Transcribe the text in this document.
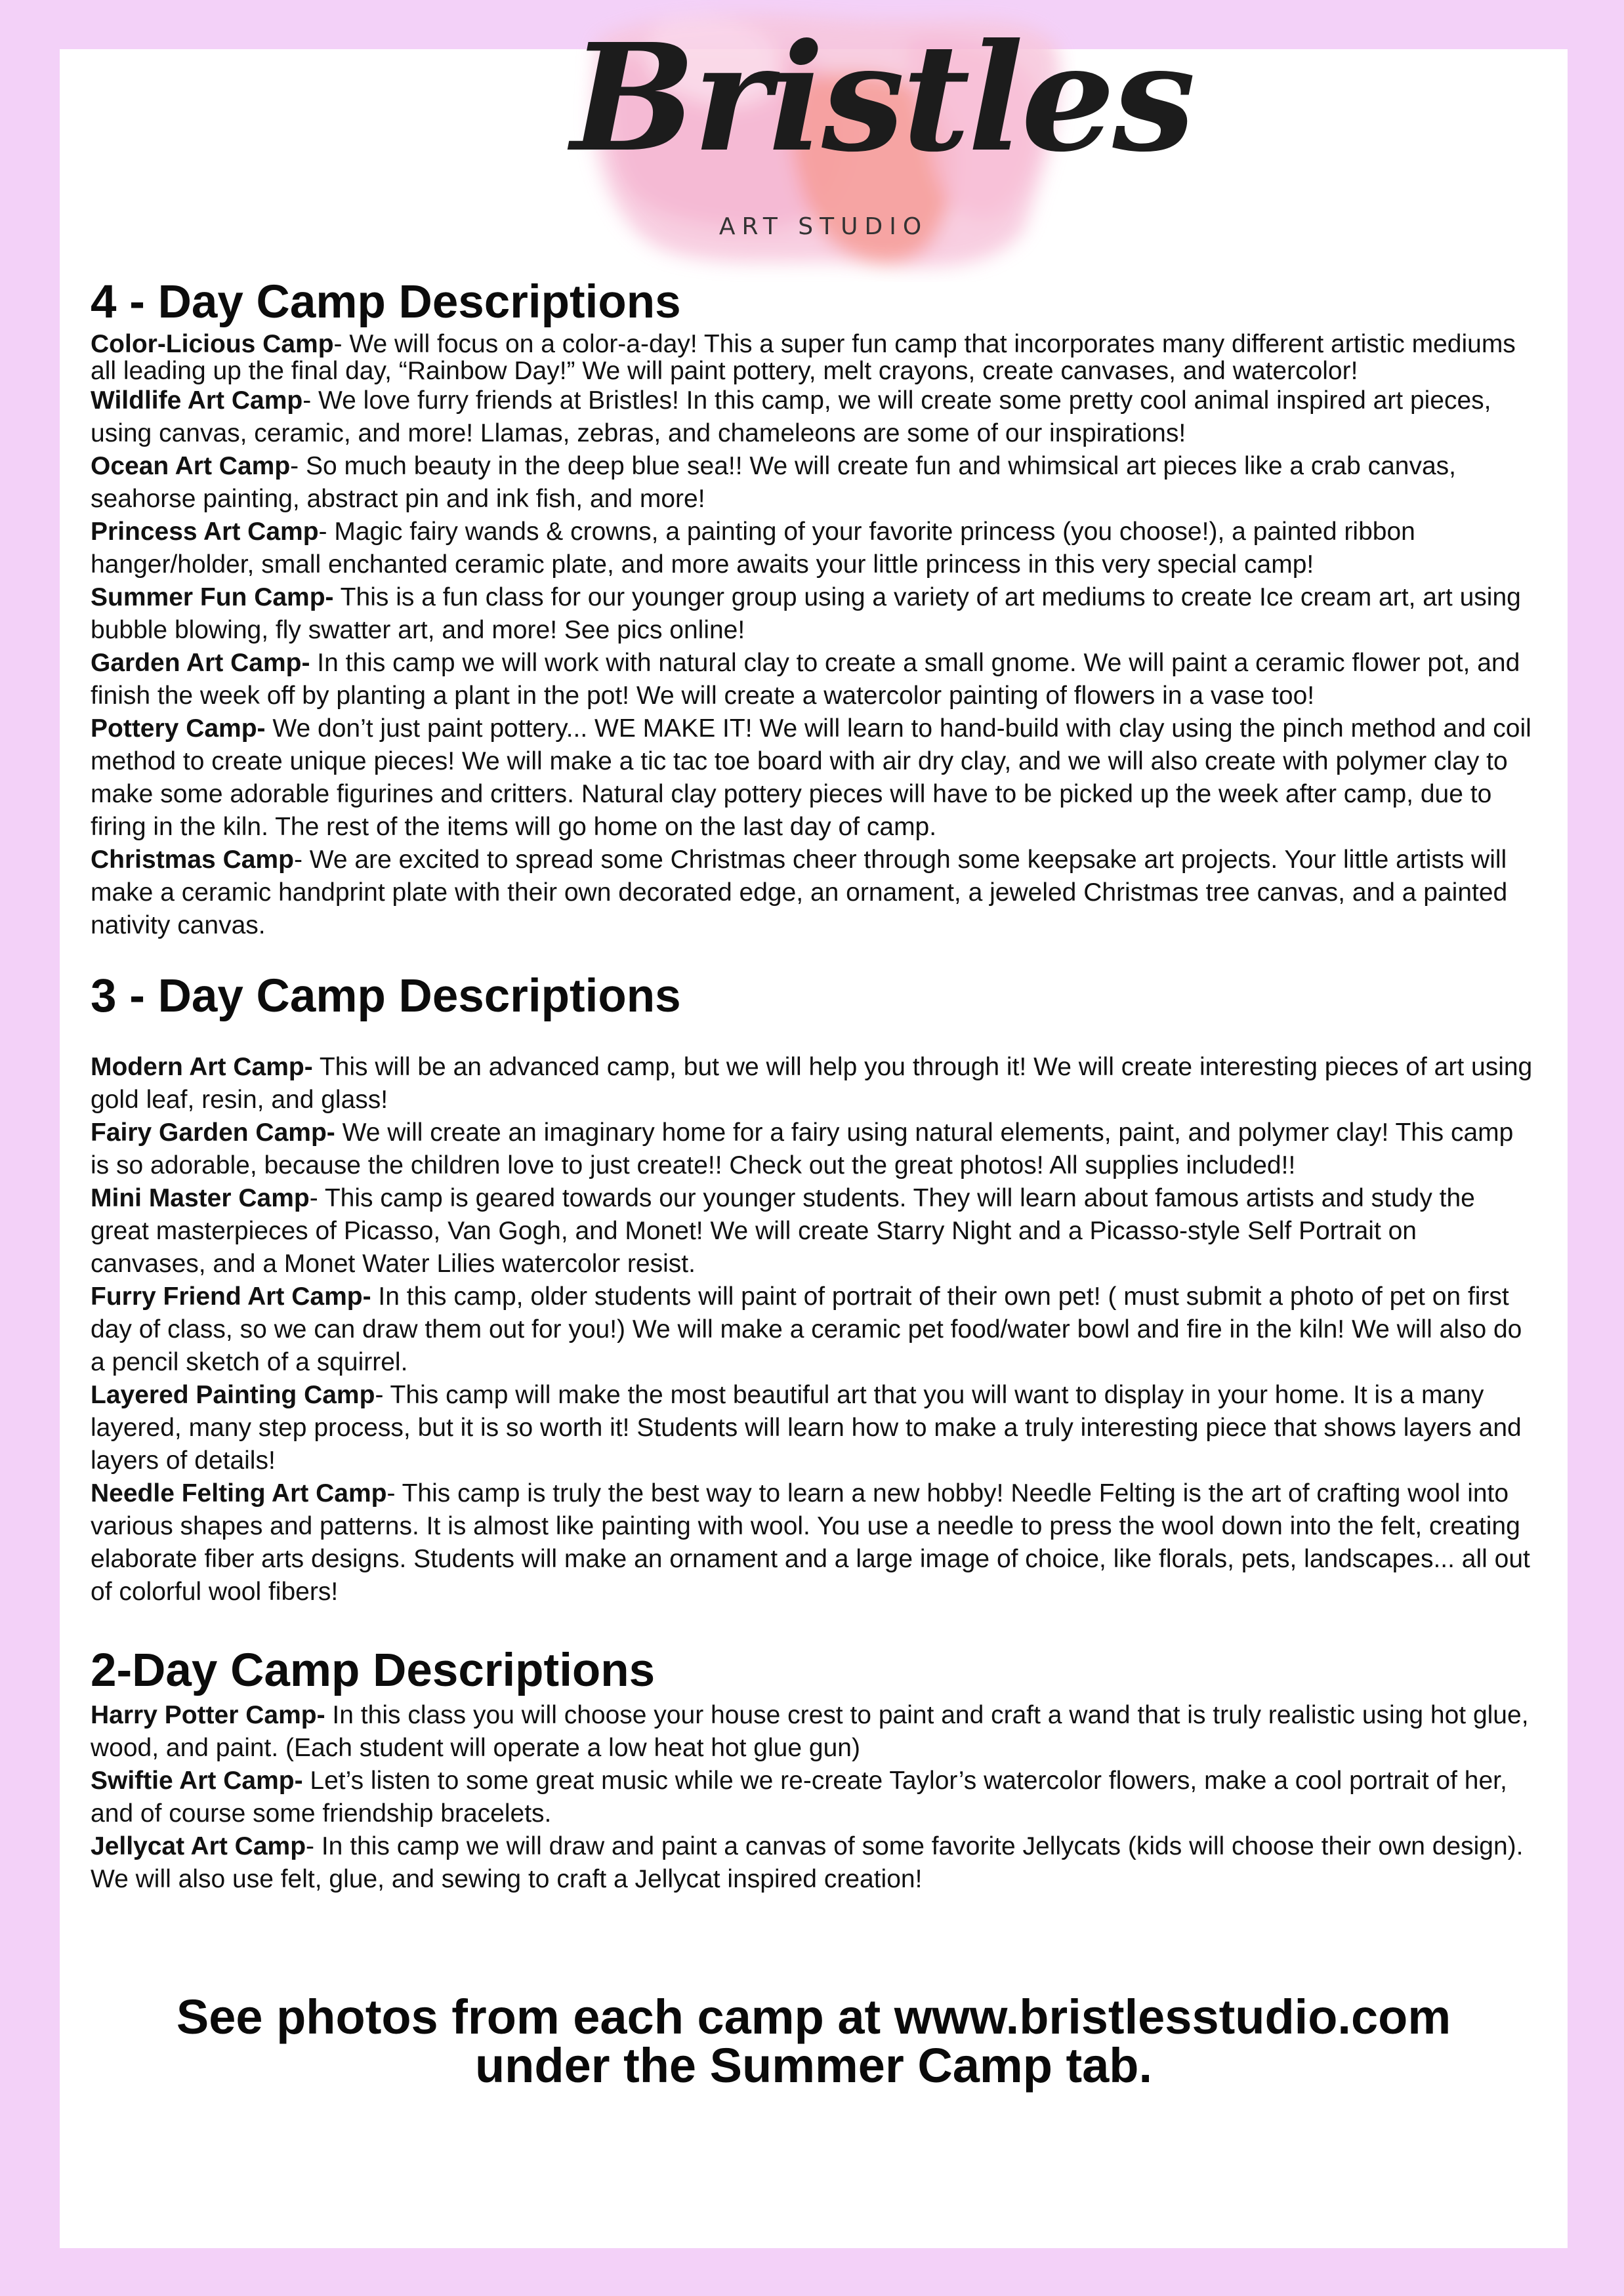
Bristles
ART STUDIO
4 - Day Camp Descriptions

Color-Licious Camp- We will focus on a color-a-day! This a super fun camp that incorporates many different artistic mediums all leading up the final day, “Rainbow Day!” We will paint pottery, melt crayons, create canvases, and watercolor!

Wildlife Art Camp- We love furry friends at Bristles! In this camp, we will create some pretty cool animal inspired art pieces, using canvas, ceramic, and more! Llamas, zebras, and chameleons are some of our inspirations!

Ocean Art Camp- So much beauty in the deep blue sea!! We will create fun and whimsical art pieces like a crab canvas, seahorse painting, abstract pin and ink fish, and more!

Princess Art Camp- Magic fairy wands & crowns, a painting of your favorite princess (you choose!), a painted ribbon hanger/holder, small enchanted ceramic plate, and more awaits your little princess in this very special camp!

Summer Fun Camp- This is a fun class for our younger group using a variety of art mediums to create Ice cream art, art using bubble blowing, fly swatter art, and more! See pics online!

Garden Art Camp- In this camp we will work with natural clay to create a small gnome. We will paint a ceramic flower pot, and finish the week off by planting a plant in the pot! We will create a watercolor painting of flowers in a vase too!

Pottery Camp- We don’t just paint pottery... WE MAKE IT! We will learn to hand-build with clay using the pinch method and coil method to create unique pieces! We will make a tic tac toe board with air dry clay, and we will also create with polymer clay to make some adorable figurines and critters. Natural clay pottery pieces will have to be picked up the week after camp, due to firing in the kiln. The rest of the items will go home on the last day of camp.

Christmas Camp- We are excited to spread some Christmas cheer through some keepsake art projects. Your little artists will make a ceramic handprint plate with their own decorated edge, an ornament, a jeweled Christmas tree canvas, and a painted nativity canvas.

3 - Day Camp Descriptions

Modern Art Camp- This will be an advanced camp, but we will help you through it! We will create interesting pieces of art using gold leaf, resin, and glass!

Fairy Garden Camp- We will create an imaginary home for a fairy using natural elements, paint, and polymer clay! This camp is so adorable, because the children love to just create!! Check out the great photos! All supplies included!!

Mini Master Camp- This camp is geared towards our younger students. They will learn about famous artists and study the great masterpieces of Picasso, Van Gogh, and Monet! We will create Starry Night and a Picasso-style Self Portrait on canvases, and a Monet Water Lilies watercolor resist.

Furry Friend Art Camp- In this camp, older students will paint of portrait of their own pet! ( must submit a photo of pet on first day of class, so we can draw them out for you!) We will make a ceramic pet food/water bowl and fire in the kiln! We will also do a pencil sketch of a squirrel.

Layered Painting Camp- This camp will make the most beautiful art that you will want to display in your home. It is a many layered, many step process, but it is so worth it! Students will learn how to make a truly interesting piece that shows layers and layers of details!

Needle Felting Art Camp- This camp is truly the best way to learn a new hobby! Needle Felting is the art of crafting wool into various shapes and patterns. It is almost like painting with wool. You use a needle to press the wool down into the felt, creating elaborate fiber arts designs. Students will make an ornament and a large image of choice, like florals, pets, landscapes... all out of colorful wool fibers!

2-Day Camp Descriptions

Harry Potter Camp- In this class you will choose your house crest to paint and craft a wand that is truly realistic using hot glue, wood, and paint. (Each student will operate a low heat hot glue gun)

Swiftie Art Camp- Let’s listen to some great music while we re-create Taylor’s watercolor flowers, make a cool portrait of her, and of course some friendship bracelets.

Jellycat Art Camp- In this camp we will draw and paint a canvas of some favorite Jellycats (kids will choose their own design). We will also use felt, glue, and sewing to craft a Jellycat inspired creation!

See photos from each camp at www.bristlesstudio.com
under the Summer Camp tab.
